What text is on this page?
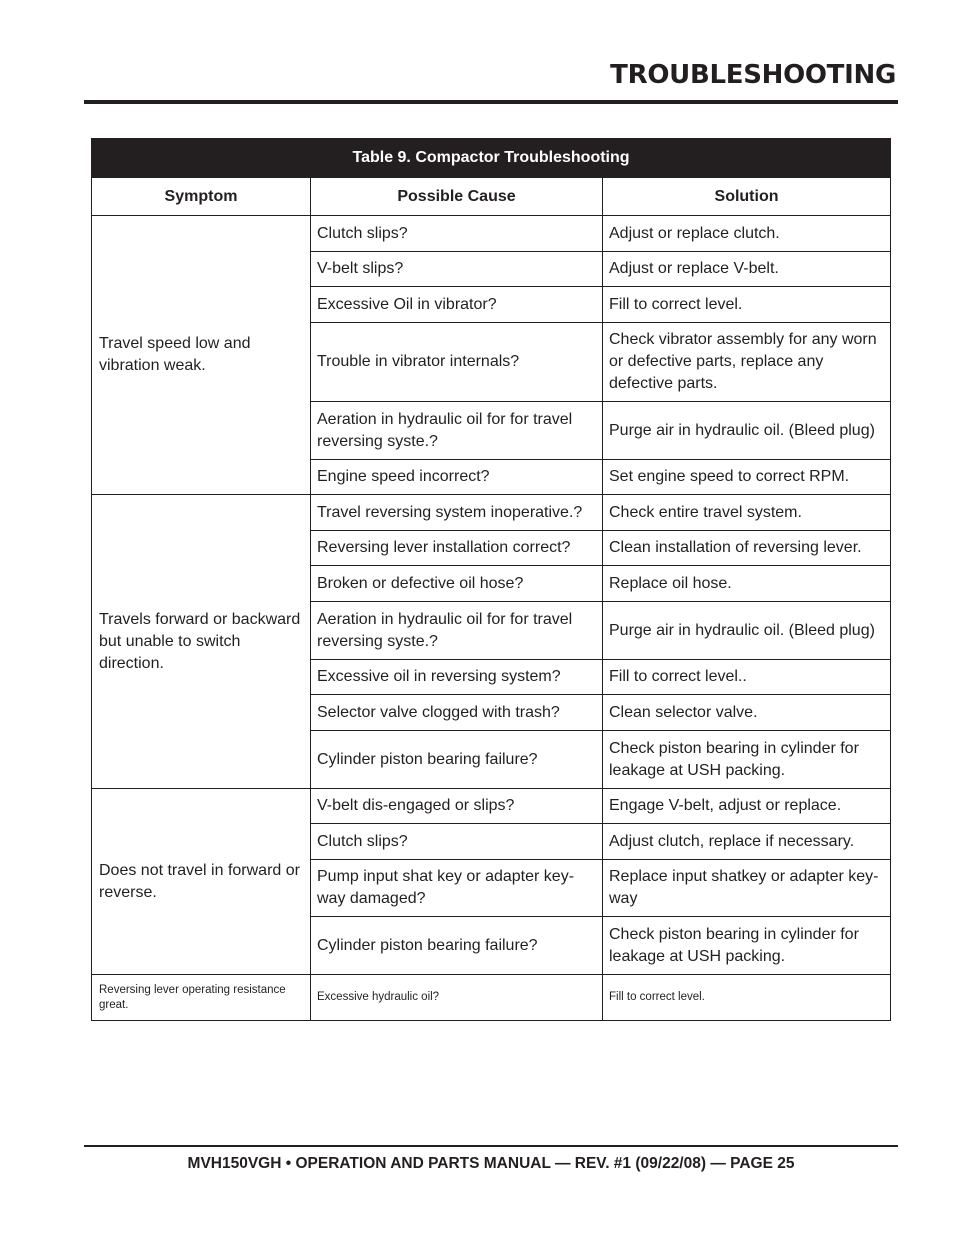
TROUBLESHOOTING
Table 9. Compactor Troubleshooting		
Symptom	Possible Cause	Solution
Travel speed low and vibration weak.	Clutch slips?	Adjust or replace clutch.
	V-belt slips?	Adjust or replace V-belt.
	Excessive Oil in vibrator?	Fill to correct level.
	Trouble in vibrator internals?	Check vibrator assembly for any worn or defective parts, replace any defective parts.
	Aeration in hydraulic oil for for travel reversing syste.?	Purge air in hydraulic oil. (Bleed plug)
	Engine speed incorrect?	Set engine speed to correct RPM.
Travels forward or backward but unable to switch direction.	Travel reversing system inoperative.?	Check entire travel system.
	Reversing lever installation correct?	Clean installation of reversing lever.
	Broken or defective oil hose?	Replace oil hose.
	Aeration in hydraulic oil for for travel reversing syste.?	Purge air in hydraulic oil. (Bleed plug)
	Excessive oil in reversing system?	Fill to correct level..
	Selector valve clogged with trash?	Clean selector valve.
	Cylinder piston bearing failure?	Check piston bearing in cylinder for leakage at USH packing.
Does not travel in forward or reverse.	V-belt dis-engaged or slips?	Engage V-belt, adjust or replace.
	Clutch slips?	Adjust clutch, replace if necessary.
	Pump input shat key or adapter key-way damaged?	Replace input shatkey or adapter key-way
	Cylinder piston bearing failure?	Check piston bearing in cylinder for leakage at USH packing.
Reversing lever operating resistance great.	Excessive hydraulic oil?	Fill to correct level.
MVH150VGH • OPERATION AND PARTS MANUAL — REV. #1 (09/22/08) — PAGE 25
